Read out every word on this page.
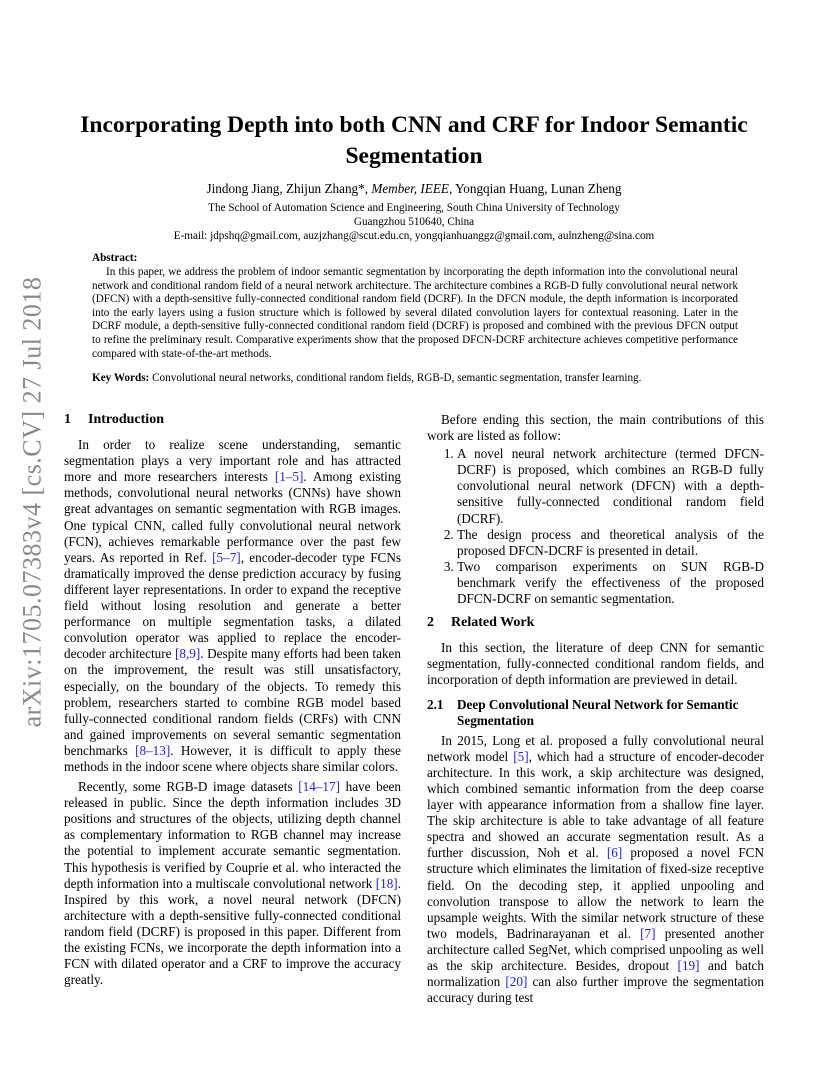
arXiv:1705.07383v4 [cs.CV] 27 Jul 2018
Incorporating Depth into both CNN and CRF for Indoor Semantic Segmentation
Jindong Jiang, Zhijun Zhang*, Member, IEEE, Yongqian Huang, Lunan Zheng
The School of Automation Science and Engineering, South China University of Technology
Guangzhou 510640, China
E-mail: jdpshq@gmail.com, auzjzhang@scut.edu.cn, yongqianhuanggz@gmail.com, aulnzheng@sina.com
Abstract:
In this paper, we address the problem of indoor semantic segmentation by incorporating the depth information into the convolutional neural network and conditional random field of a neural network architecture. The architecture combines a RGB-D fully convolutional neural network (DFCN) with a depth-sensitive fully-connected conditional random field (DCRF). In the DFCN module, the depth information is incorporated into the early layers using a fusion structure which is followed by several dilated convolution layers for contextual reasoning. Later in the DCRF module, a depth-sensitive fully-connected conditional random field (DCRF) is proposed and combined with the previous DFCN output to refine the preliminary result. Comparative experiments show that the proposed DFCN-DCRF architecture achieves competitive performance compared with state-of-the-art methods.
Key Words: Convolutional neural networks, conditional random fields, RGB-D, semantic segmentation, transfer learning.
1 Introduction

In order to realize scene understanding, semantic segmentation plays a very important role and has attracted more and more researchers interests [1–5]. Among existing methods, convolutional neural networks (CNNs) have shown great advantages on semantic segmentation with RGB images. One typical CNN, called fully convolutional neural network (FCN), achieves remarkable performance over the past few years. As reported in Ref. [5–7], encoder-decoder type FCNs dramatically improved the dense prediction accuracy by fusing different layer representations. In order to expand the receptive field without losing resolution and generate a better performance on multiple segmentation tasks, a dilated convolution operator was applied to replace the encoder-decoder architecture [8,9]. Despite many efforts had been taken on the improvement, the result was still unsatisfactory, especially, on the boundary of the objects. To remedy this problem, researchers started to combine RGB model based fully-connected conditional random fields (CRFs) with CNN and gained improvements on several semantic segmentation benchmarks [8–13]. However, it is difficult to apply these methods in the indoor scene where objects share similar colors.

Recently, some RGB-D image datasets [14–17] have been released in public. Since the depth information includes 3D positions and structures of the objects, utilizing depth channel as complementary information to RGB channel may increase the potential to implement accurate semantic segmentation. This hypothesis is verified by Couprie et al. who interacted the depth information into a multiscale convolutional network [18]. Inspired by this work, a novel neural network (DFCN) architecture with a depth-sensitive fully-connected conditional random field (DCRF) is proposed in this paper. Different from the existing FCNs, we incorporate the depth information into a FCN with dilated operator and a CRF to improve the accuracy greatly.

Before ending this section, the main contributions of this work are listed as follow:

1. A novel neural network architecture (termed DFCN-DCRF) is proposed, which combines an RGB-D fully convolutional neural network (DFCN) with a depth-sensitive fully-connected conditional random field (DCRF).
2. The design process and theoretical analysis of the proposed DFCN-DCRF is presented in detail.
3. Two comparison experiments on SUN RGB-D benchmark verify the effectiveness of the proposed DFCN-DCRF on semantic segmentation.
2 Related Work

In this section, the literature of deep CNN for semantic segmentation, fully-connected conditional random fields, and incorporation of depth information are previewed in detail.

2.1	Deep Convolutional Neural Network for Semantic Segmentation

In 2015, Long et al. proposed a fully convolutional neural network model [5], which had a structure of encoder-decoder architecture. In this work, a skip architecture was designed, which combined semantic information from the deep coarse layer with appearance information from a shallow fine layer. The skip architecture is able to take advantage of all feature spectra and showed an accurate segmentation result. As a further discussion, Noh et al. [6] proposed a novel FCN structure which eliminates the limitation of fixed-size receptive field. On the decoding step, it applied unpooling and convolution transpose to allow the network to learn the upsample weights. With the similar network structure of these two models, Badrinarayanan et al. [7] presented another architecture called SegNet, which comprised unpooling as well as the skip architecture. Besides, dropout [19] and batch normalization [20] can also further improve the segmentation accuracy during test
